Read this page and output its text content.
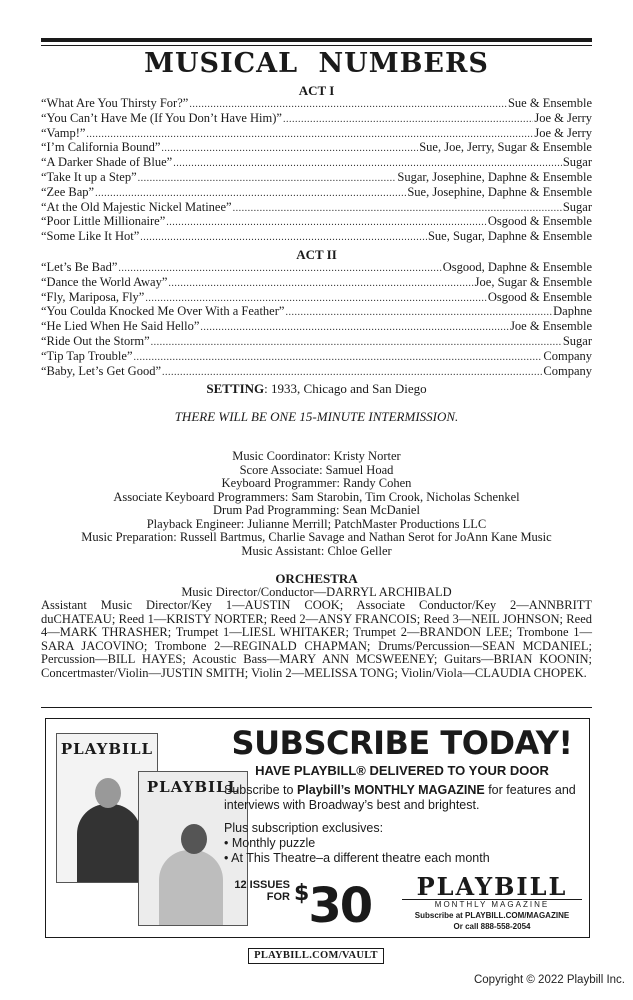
MUSICAL NUMBERS
ACT I
“What Are You Thirsty For?” .....	Sue & Ensemble
“You Can’t Have Me (If You Don’t Have Him)” .....	Joe & Jerry
“Vamp!” .....	Joe & Jerry
“I’m California Bound” .....	Sue, Joe, Jerry, Sugar & Ensemble
“A Darker Shade of Blue” .....	Sugar
“Take It up a Step” .....	Sugar, Josephine, Daphne & Ensemble
“Zee Bap” .....	Sue, Josephine, Daphne & Ensemble
“At the Old Majestic Nickel Matinee” .....	Sugar
“Poor Little Millionaire” .....	Osgood & Ensemble
“Some Like It Hot” .....	Sue, Sugar, Daphne & Ensemble
ACT II
“Let’s Be Bad” .....	Osgood, Daphne & Ensemble
“Dance the World Away” .....	Joe, Sugar & Ensemble
“Fly, Mariposa, Fly” .....	Osgood & Ensemble
“You Coulda Knocked Me Over With a Feather” .....	Daphne
“He Lied When He Said Hello” .....	Joe & Ensemble
“Ride Out the Storm” .....	Sugar
“Tip Tap Trouble” .....	Company
“Baby, Let’s Get Good” .....	Company
SETTING: 1933, Chicago and San Diego
THERE WILL BE ONE 15-MINUTE INTERMISSION.
Music Coordinator: Kristy Norter
Score Associate: Samuel Hoad
Keyboard Programmer: Randy Cohen
Associate Keyboard Programmers: Sam Starobin, Tim Crook, Nicholas Schenkel
Drum Pad Programming: Sean McDaniel
Playback Engineer: Julianne Merrill; PatchMaster Productions LLC
Music Preparation: Russell Bartmus, Charlie Savage and Nathan Serot for JoAnn Kane Music
Music Assistant: Chloe Geller
ORCHESTRA
Music Director/Conductor—DARRYL ARCHIBALD
Assistant Music Director/Key 1—AUSTIN COOK; Associate Conductor/Key 2—ANNBRITT duCHATEAU; Reed 1—KRISTY NORTER; Reed 2—ANSY FRANCOIS; Reed 3—NEIL JOHNSON; Reed 4—MARK THRASHER; Trumpet 1—LIESL WHITAKER; Trumpet 2—BRANDON LEE; Trombone 1—SARA JACOVINO; Trombone 2—REGINALD CHAPMAN; Drums/Percussion—SEAN MCDANIEL; Percussion—BILL HAYES; Acoustic Bass—MARY ANN MCSWEENEY; Guitars—BRIAN KOONIN; Concertmaster/Violin—JUSTIN SMITH; Violin 2—MELISSA TONG; Violin/Viola—CLAUDIA CHOPEK.
PLAYBILL
PLAYBILL
SUBSCRIBE TODAY!
HAVE PLAYBILL® DELIVERED TO YOUR DOOR
Subscribe to Playbill’s MONTHLY MAGAZINE for features and interviews with Broadway’s best and brightest.
Plus subscription exclusives:
• Monthly puzzle
• At This Theatre–a different theatre each month
12 ISSUES FOR $30	PLAYBILL
MONTHLY MAGAZINE
Subscribe at PLAYBILL.COM/MAGAZINE
Or call 888-558-2054
PLAYBILL.COM/VAULT
Copyright © 2022 Playbill Inc.
